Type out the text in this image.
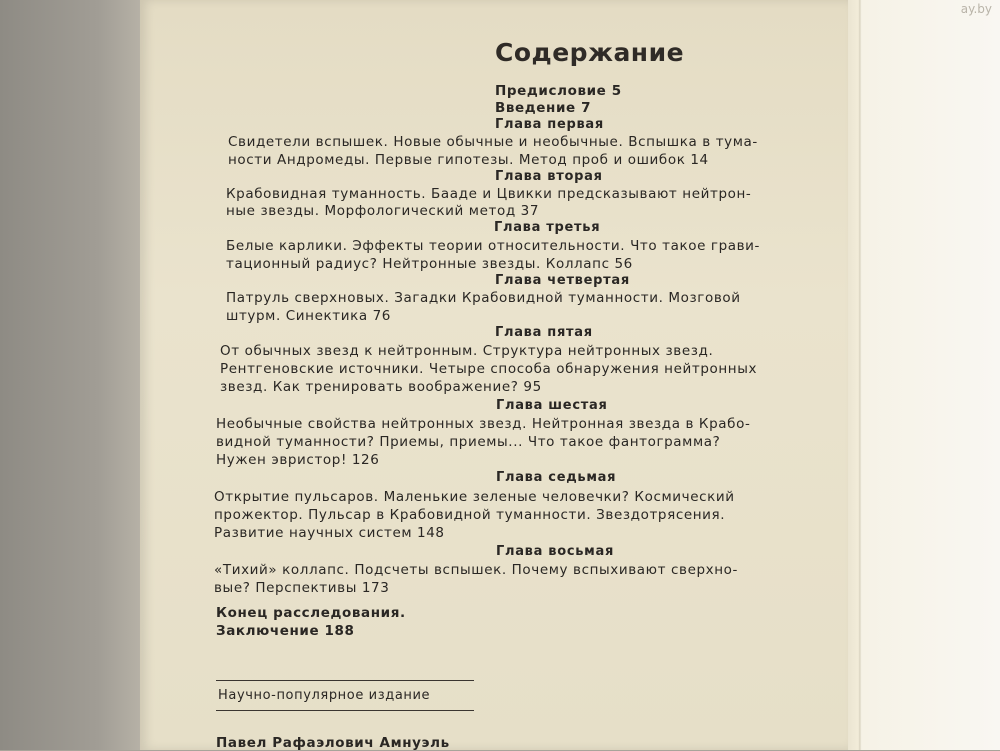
ay.by
Содержание
Предисловие 5
Введение 7
Глава первая
Свидетели вспышек. Новые обычные и необычные. Вспышка в тума-
ности Андромеды. Первые гипотезы. Метод проб и ошибок 14
Глава вторая
Крабовидная туманность. Бааде и Цвикки предсказывают нейтрон-
ные звезды. Морфологический метод 37
Глава третья
Белые карлики. Эффекты теории относительности. Что такое грави-
тационный радиус? Нейтронные звезды. Коллапс 56
Глава четвертая
Патруль сверхновых. Загадки Крабовидной туманности. Мозговой
штурм. Синектика 76
Глава пятая
От обычных звезд к нейтронным. Структура нейтронных звезд.
Рентгеновские источники. Четыре способа обнаружения нейтронных
звезд. Как тренировать воображение? 95
Глава шестая
Необычные свойства нейтронных звезд. Нейтронная звезда в Крабо-
видной туманности? Приемы, приемы... Что такое фантограмма?
Нужен эвристор! 126
Глава седьмая
Открытие пульсаров. Маленькие зеленые человечки? Космический
прожектор. Пульсар в Крабовидной туманности. Звездотрясения.
Развитие научных систем 148
Глава восьмая
«Тихий» коллапс. Подсчеты вспышек. Почему вспыхивают сверхно-
вые? Перспективы 173
Конец расследования.
Заключение 188
Научно-популярное издание
Павел Рафаэлович Амнуэль
